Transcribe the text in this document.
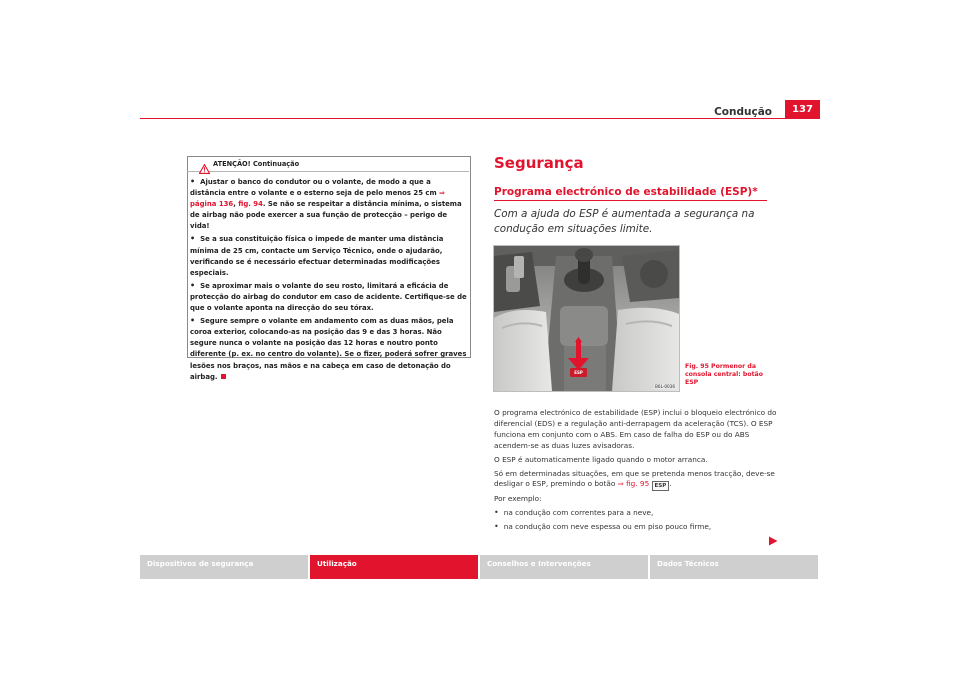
Condução	137
ATENÇÃO! Continuação
• Ajustar o banco do condutor ou o volante, de modo a que a distância entre o volante e o esterno seja de pelo menos 25 cm ⇒ página 136, fig. 94. Se não se respeitar a distância mínima, o sistema de airbag não pode exercer a sua função de protecção – perigo de vida!
• Se a sua constituição física o impede de manter uma distância mínima de 25 cm, contacte um Serviço Técnico, onde o ajudarão, verificando se é necessário efectuar determinadas modificações especiais.
• Se aproximar mais o volante do seu rosto, limitará a eficácia de protecção do airbag do condutor em caso de acidente. Certifique-se de que o volante aponta na direcção do seu tórax.
• Segure sempre o volante em andamento com as duas mãos, pela coroa exterior, colocando-as na posição das 9 e das 3 horas. Não segure nunca o volante na posição das 12 horas e noutro ponto diferente (p. ex. no centro do volante). Se o fizer, poderá sofrer graves lesões nos braços, nas mãos e na cabeça em caso de detonação do airbag.
Segurança
Programa electrónico de estabilidade (ESP)*
Com a ajuda do ESP é aumentada a segurança na condução em situações limite.
ESP
B6L-0036
Fig. 95 Pormenor da
consola central: botão
ESP

O programa electrónico de estabilidade (ESP) inclui o bloqueio electrónico do diferencial (EDS) e a regulação anti-derrapagem da aceleração (TCS). O ESP funciona em conjunto com o ABS. Em caso de falha do ESP ou do ABS acendem-se as duas luzes avisadoras.

O ESP é automaticamente ligado quando o motor arranca.

Só em determinadas situações, em que se pretenda menos tracção, deve-se desligar o ESP, premindo o botão ⇒ fig. 95 ESP .

Por exemplo:

• na condução com correntes para a neve,
• na condução com neve espessa ou em piso pouco firme,
Dispositivos de segurança	Utilização	Conselhos e Intervenções	Dados Técnicos
